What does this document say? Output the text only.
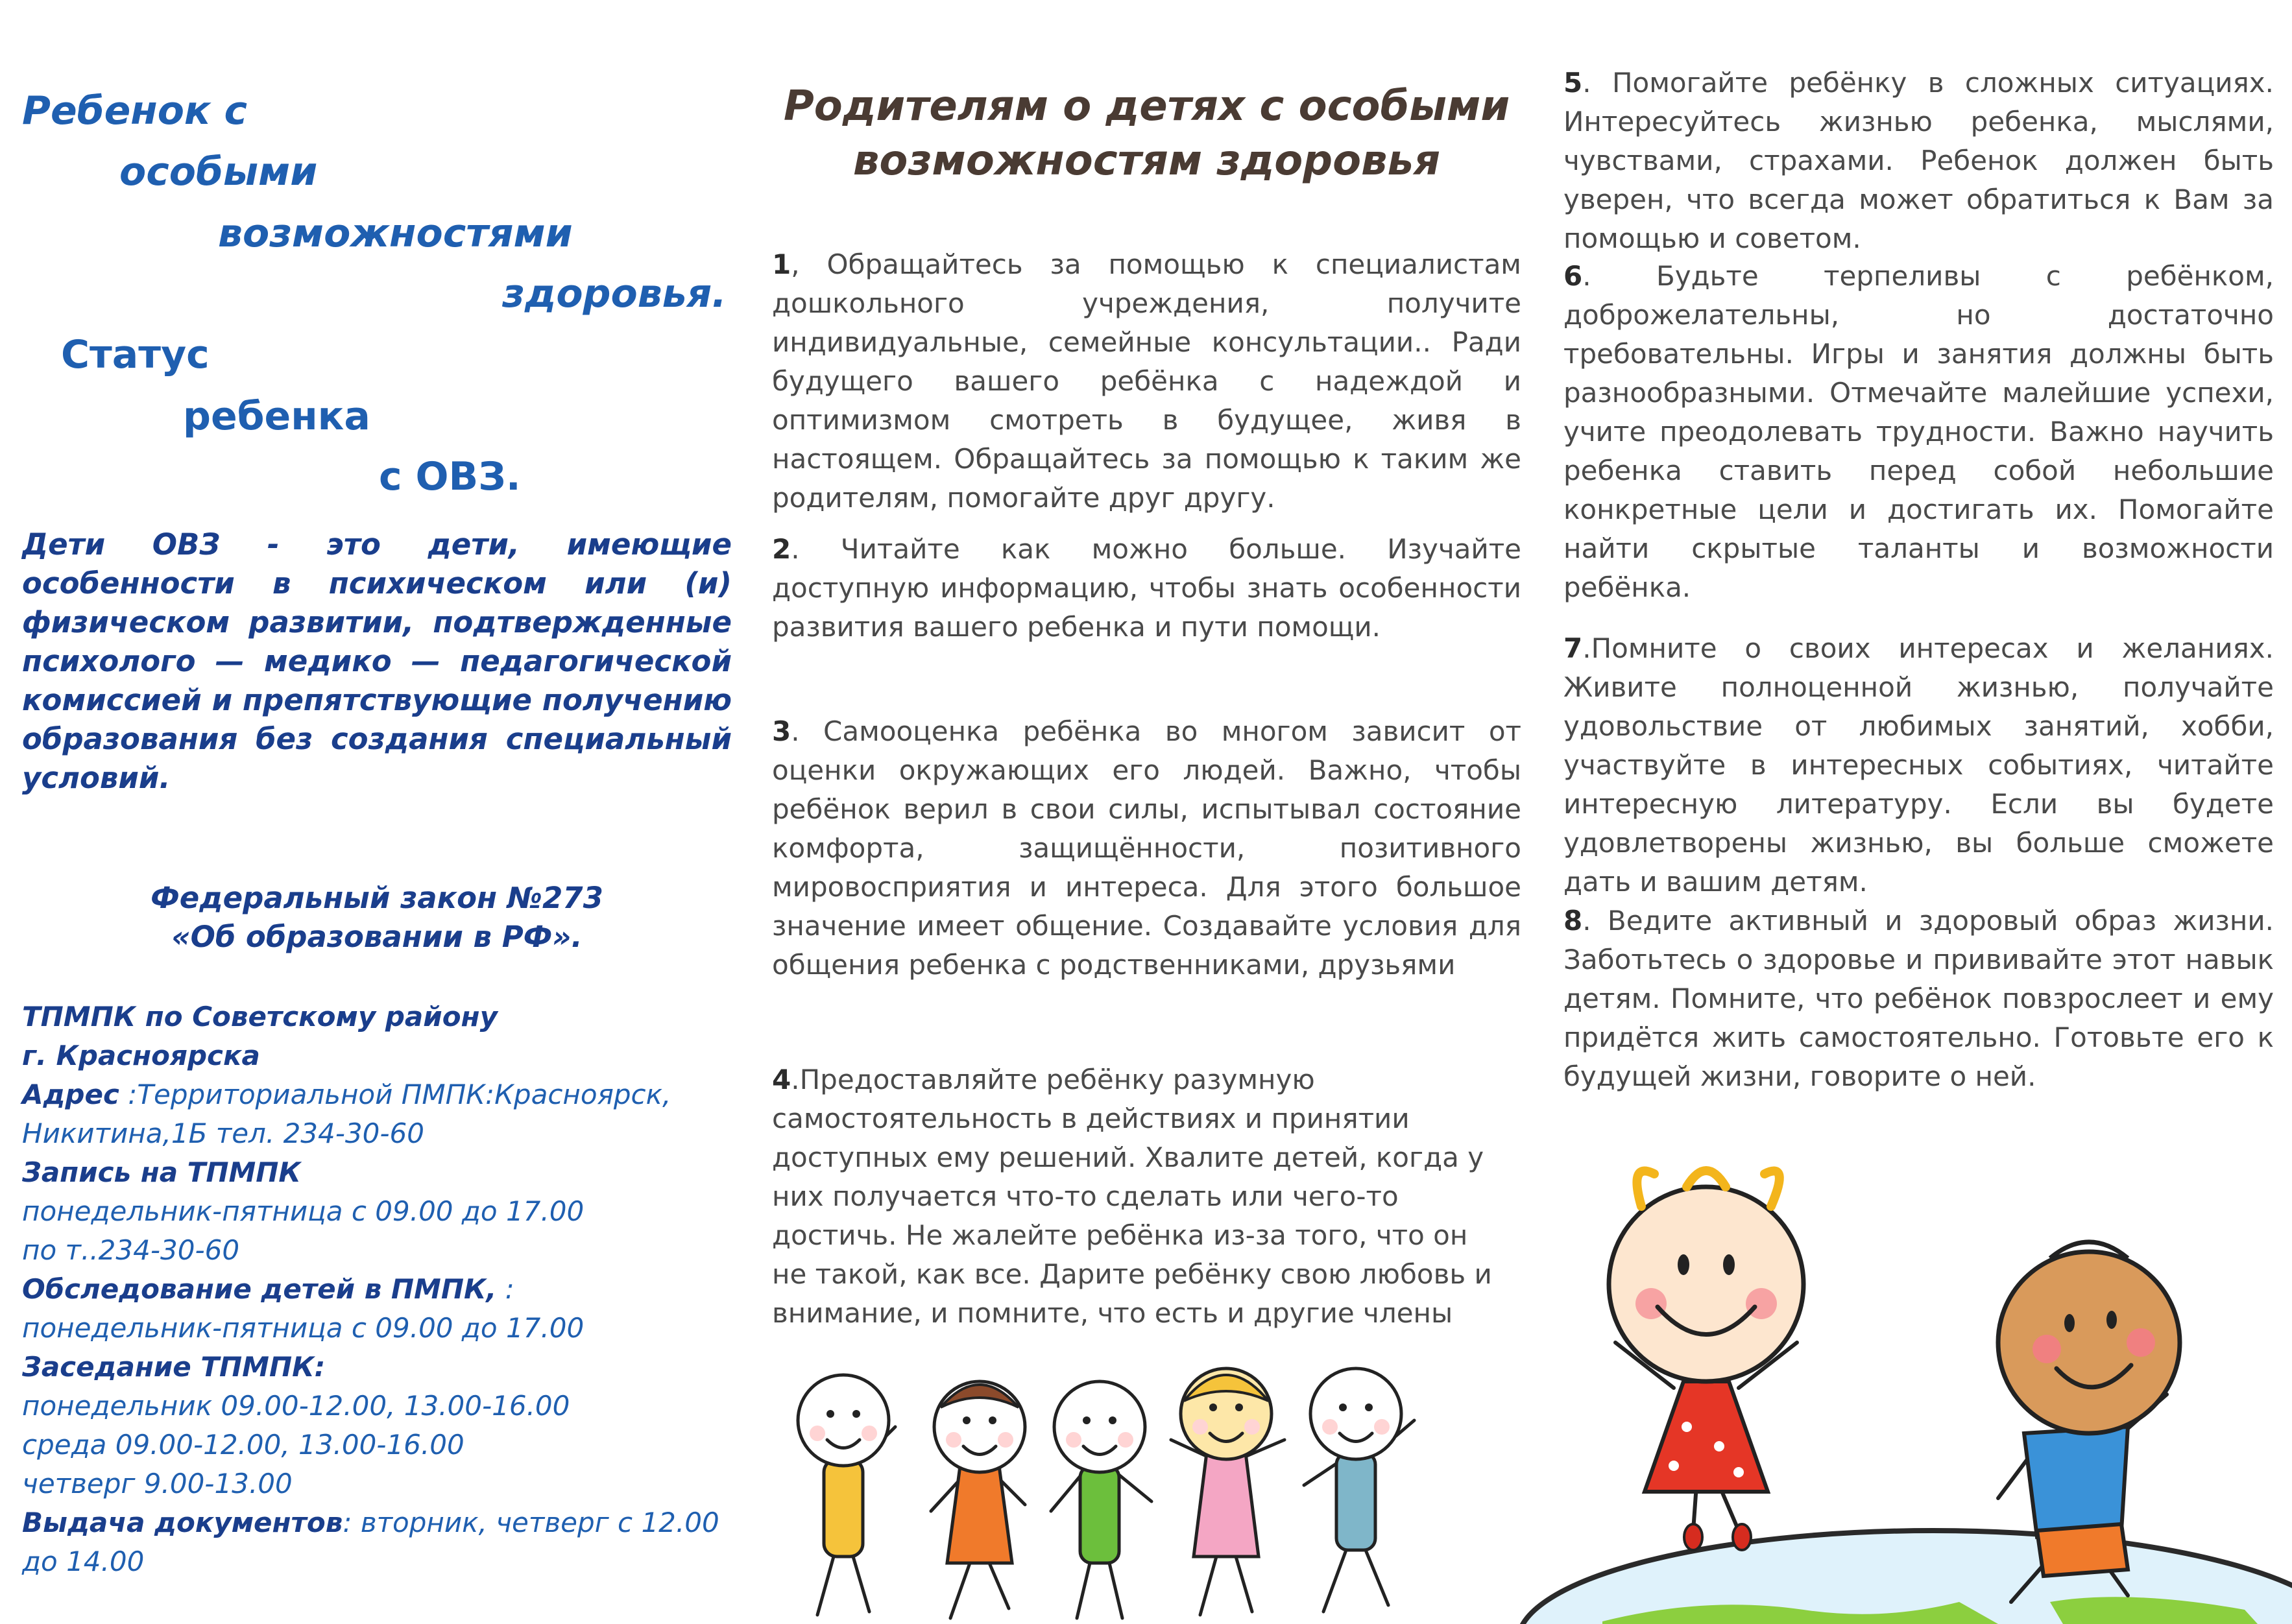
Ребенок с
особыми
возможностями
здоровья.
Статус
ребенка
с ОВЗ.

Дети ОВЗ - это дети, имеющие особенности в психическом или (и) физическом развитии, подтвержденные психолого — медико — педагогической комиссией и препятствующие получению образования без создания специальный условий.

Федеральный закон №273
«Об образовании в РФ».
ТПМПК по Советскому району
г. Красноярска
Адрес :Территориальной ПМПК:Красноярск,
Никитина,1Б тел. 234-30-60
Запись на ТПМПК
понедельник-пятница с 09.00 до 17.00
по т..234-30-60
Обследование детей в ПМПК, :
понедельник-пятница с 09.00 до 17.00
Заседание ТПМПК:
понедельник 09.00-12.00, 13.00-16.00
среда 09.00-12.00, 13.00-16.00
четверг 9.00-13.00
Выдача документов: вторник, четверг с 12.00
до 14.00
Родителям о детях с особыми возможностям здоровья

1, Обращайтесь за помощью к специалистам дошкольного учреждения, получите индивидуальные, семейные консультации.. Ради будущего вашего ребёнка с надеждой и оптимизмом смотреть в будущее, живя в настоящем. Обращайтесь за помощью к таким же родителям, помогайте друг другу.

2. Читайте как можно больше. Изучайте доступную информацию, чтобы знать особенности развития вашего ребенка и пути помощи.

3. Самооценка ребёнка во многом зависит от оценки окружающих его людей. Важно, чтобы ребёнок верил в свои силы, испытывал состояние комфорта, защищённости, позитивного мировосприятия и интереса. Для этого большое значение имеет общение. Создавайте условия для общения ребенка с родственниками, друзьями

4.Предоставляйте ребёнку разумную самостоятельность в действиях и принятии доступных ему решений. Хвалите детей, когда у них получается что-то сделать или чего-то достичь. Не жалейте ребёнка из-за того, что он не такой, как все. Дарите ребёнку свою любовь и внимание, и помните, что есть и другие члены

5. Помогайте ребёнку в сложных ситуациях. Интересуйтесь жизнью ребенка, мыслями, чувствами, страхами. Ребенок должен быть уверен, что всегда может обратиться к Вам за помощью и советом.

6. Будьте терпеливы с ребёнком, доброжелательны, но достаточно требовательны. Игры и занятия должны быть разнообразными. Отмечайте малейшие успехи, учите преодолевать трудности. Важно научить ребенка ставить перед собой небольшие конкретные цели и достигать их. Помогайте найти скрытые таланты и возможности ребёнка.

7.Помните о своих интересах и желаниях. Живите полноценной жизнью, получайте удовольствие от любимых занятий, хобби, участвуйте в интересных событиях, читайте интересную литературу. Если вы будете удовлетворены жизнью, вы больше сможете дать и вашим детям.

8. Ведите активный и здоровый образ жизни. Заботьтесь о здоровье и прививайте этот навык детям. Помните, что ребёнок повзрослеет и ему придётся жить самостоятельно. Готовьте его к будущей жизни, говорите о ней.
